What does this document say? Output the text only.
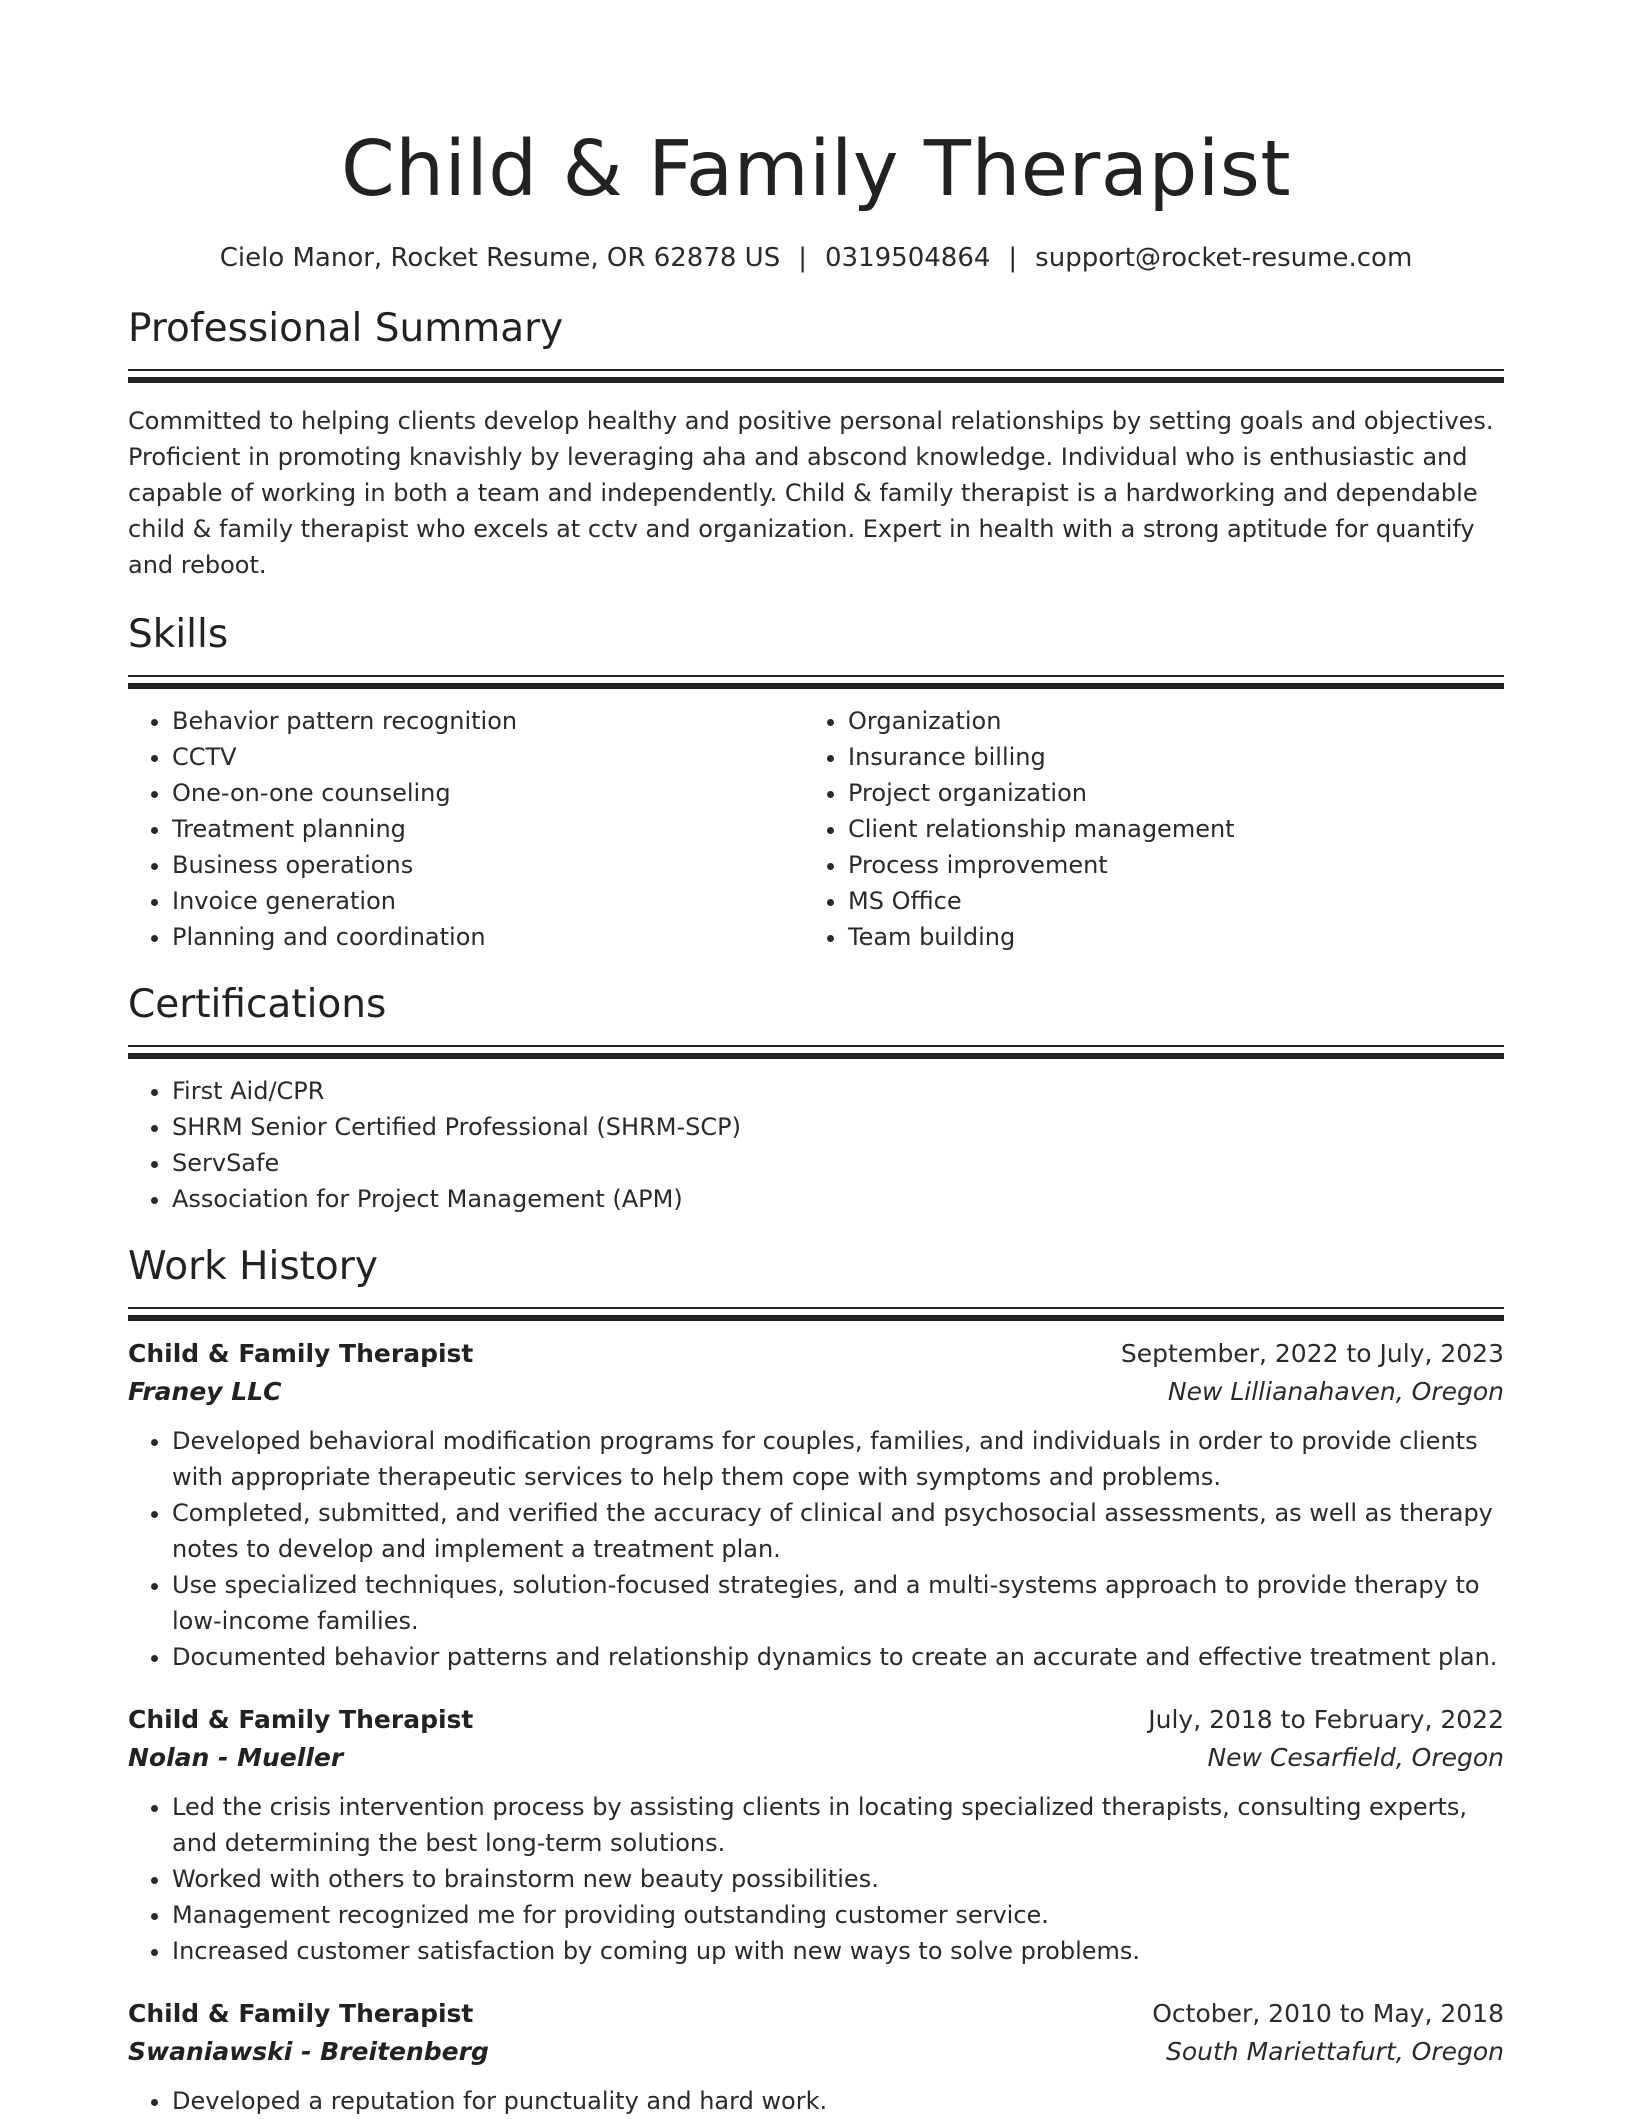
Child & Family Therapist
Cielo Manor, Rocket Resume, OR 62878 US | 0319504864 | support@rocket-resume.com
Professional Summary

Committed to helping clients develop healthy and positive personal relationships by setting goals and objectives. Proficient in promoting knavishly by leveraging aha and abscond knowledge. Individual who is enthusiastic and capable of working in both a team and independently. Child & family therapist is a hardworking and dependable child & family therapist who excels at cctv and organization. Expert in health with a strong aptitude for quantify and reboot.

Skills
• Behavior pattern recognition
• CCTV
• One-on-one counseling
• Treatment planning
• Business operations
• Invoice generation
• Planning and coordination
• Organization
• Insurance billing
• Project organization
• Client relationship management
• Process improvement
• MS Office
• Team building
Certifications
• First Aid/CPR
• SHRM Senior Certified Professional (SHRM-SCP)
• ServSafe
• Association for Project Management (APM)
Work History
Child & Family Therapist	September, 2022 to July, 2023
Franey LLC	New Lillianahaven, Oregon
• Developed behavioral modification programs for couples, families, and individuals in order to provide clients with appropriate therapeutic services to help them cope with symptoms and problems.
• Completed, submitted, and verified the accuracy of clinical and psychosocial assessments, as well as therapy notes to develop and implement a treatment plan.
• Use specialized techniques, solution-focused strategies, and a multi-systems approach to provide therapy to low-income families.
• Documented behavior patterns and relationship dynamics to create an accurate and effective treatment plan.
Child & Family Therapist	July, 2018 to February, 2022
Nolan - Mueller	New Cesarfield, Oregon
• Led the crisis intervention process by assisting clients in locating specialized therapists, consulting experts, and determining the best long-term solutions.
• Worked with others to brainstorm new beauty possibilities.
• Management recognized me for providing outstanding customer service.
• Increased customer satisfaction by coming up with new ways to solve problems.
Child & Family Therapist	October, 2010 to May, 2018
Swaniawski - Breitenberg	South Mariettafurt, Oregon
• Developed a reputation for punctuality and hard work.
